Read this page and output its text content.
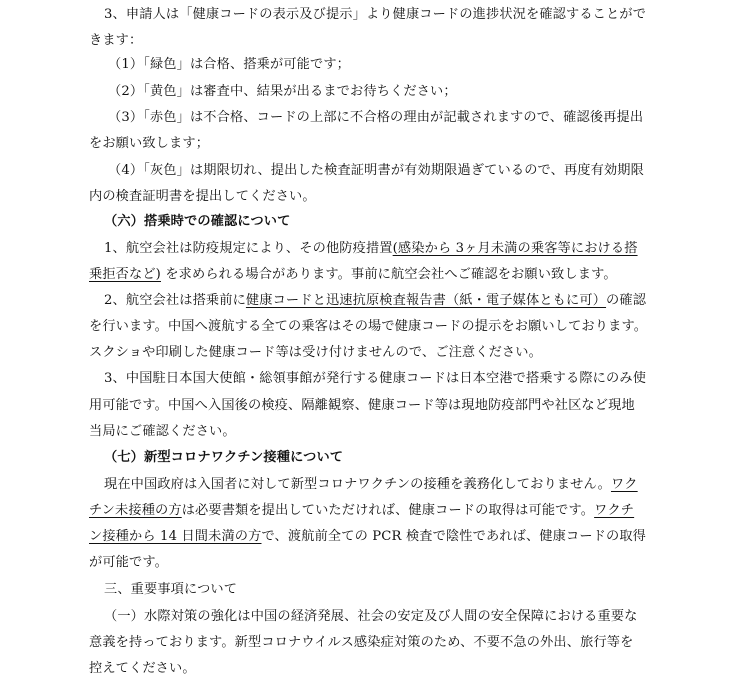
3、申請人は「健康コードの表示及び提示」より健康コードの進捗状況を確認することがで
きます：
（1）「緑色」は合格、搭乗が可能です；
（2）「黄色」は審査中、結果が出るまでお待ちください；
（3）「赤色」は不合格、コードの上部に不合格の理由が記載されますので、確認後再提出
をお願い致します；
（4）「灰色」は期限切れ、提出した検査証明書が有効期限過ぎているので、再度有効期限
内の検査証明書を提出してください。
（六）搭乗時での確認について
1、航空会社は防疫規定により、その他防疫措置(感染から 3ヶ月未満の乗客等における搭
乗拒否など) を求められる場合があります。事前に航空会社へご確認をお願い致します。
2、航空会社は搭乗前に健康コードと迅速抗原検査報告書（紙・電子媒体ともに可）の確認
を行います。中国へ渡航する全ての乗客はその場で健康コードの提示をお願いしております。
スクショや印刷した健康コード等は受け付けませんので、ご注意ください。
3、中国駐日本国大使館・総領事館が発行する健康コードは日本空港で搭乗する際にのみ使
用可能です。中国へ入国後の検疫、隔離観察、健康コード等は現地防疫部門や社区など現地
当局にご確認ください。
（七）新型コロナワクチン接種について
現在中国政府は入国者に対して新型コロナワクチンの接種を義務化しておりません。ワク
チン未接種の方は必要書類を提出していただければ、健康コードの取得は可能です。ワクチ
ン接種から 14 日間未満の方で、渡航前全ての PCR 検査で陰性であれば、健康コードの取得
が可能です。
三、重要事項について
（一）水際対策の強化は中国の経済発展、社会の安定及び人間の安全保障における重要な
意義を持っております。新型コロナウイルス感染症対策のため、不要不急の外出、旅行等を
控えてください。
